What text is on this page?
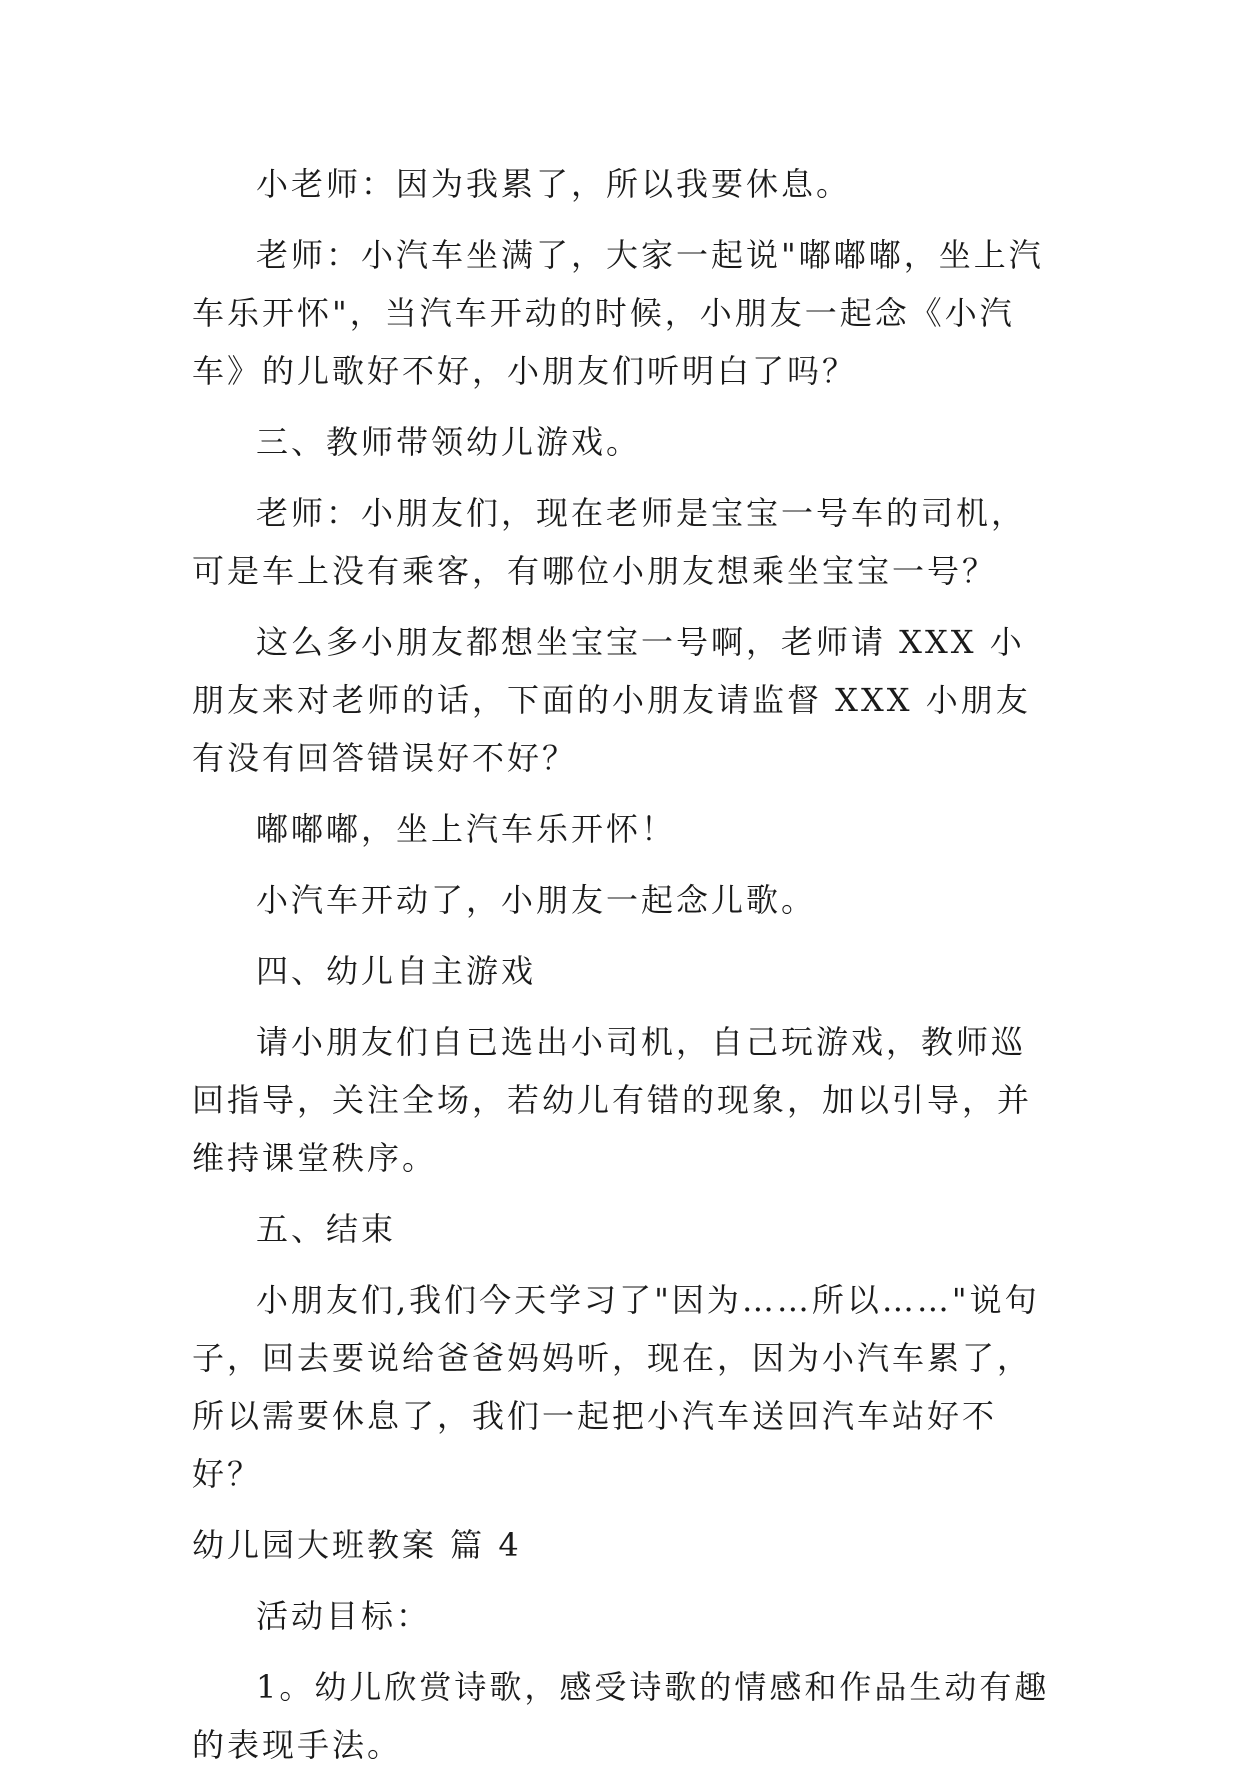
小老师：因为我累了，所以我要休息。

老师：小汽车坐满了，大家一起说"嘟嘟嘟，坐上汽车乐开怀"，当汽车开动的时候，小朋友一起念《小汽车》的儿歌好不好，小朋友们听明白了吗？

三、教师带领幼儿游戏。

老师：小朋友们，现在老师是宝宝一号车的司机，可是车上没有乘客，有哪位小朋友想乘坐宝宝一号？

这么多小朋友都想坐宝宝一号啊，老师请 XXX 小朋友来对老师的话，下面的小朋友请监督 XXX 小朋友有没有回答错误好不好？

嘟嘟嘟，坐上汽车乐开怀！

小汽车开动了，小朋友一起念儿歌。

四、幼儿自主游戏

请小朋友们自已选出小司机，自己玩游戏，教师巡回指导，关注全场，若幼儿有错的现象，加以引导，并维持课堂秩序。

五、结束

小朋友们,我们今天学习了"因为……所以……"说句子，回去要说给爸爸妈妈听，现在，因为小汽车累了，所以需要休息了，我们一起把小汽车送回汽车站好不好？

幼儿园大班教案 篇 4

活动目标：

1。幼儿欣赏诗歌，感受诗歌的情感和作品生动有趣的表现手法。
